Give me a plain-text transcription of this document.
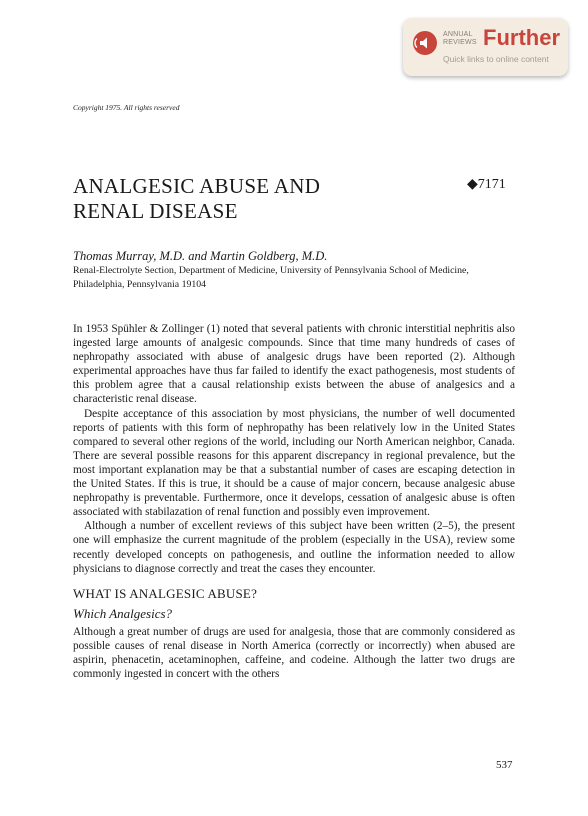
ANNUAL
REVIEWS Further
Quick links to online content
Copyright 1975. All rights reserved
ANALGESIC ABUSE AND
RENAL DISEASE
◆7171
Thomas Murray, M.D. and Martin Goldberg, M.D.
Renal-Electrolyte Section, Department of Medicine, University of Pennsylvania School of Medicine, Philadelphia, Pennsylvania 19104

In 1953 Spühler & Zollinger (1) noted that several patients with chronic interstitial nephritis also ingested large amounts of analgesic compounds. Since that time many hundreds of cases of nephropathy associated with abuse of analgesic drugs have been reported (2). Although experimental approaches have thus far failed to identify the exact pathogenesis, most students of this problem agree that a causal relationship exists between the abuse of analgesics and a characteristic renal disease.

Despite acceptance of this association by most physicians, the number of well documented reports of patients with this form of nephropathy has been relatively low in the United States compared to several other regions of the world, including our North American neighbor, Canada. There are several possible reasons for this apparent discrepancy in regional prevalence, but the most important explanation may be that a substantial number of cases are escaping detection in the United States. If this is true, it should be a cause of major concern, because analgesic abuse nephropathy is preventable. Furthermore, once it develops, cessation of analgesic abuse is often associated with stabilazation of renal function and possibly even improvement.

Although a number of excellent reviews of this subject have been written (2–5), the present one will emphasize the current magnitude of the problem (especially in the USA), review some recently developed concepts on pathogenesis, and outline the information needed to allow physicians to diagnose correctly and treat the cases they encounter.

WHAT IS ANALGESIC ABUSE?
Which Analgesics?

Although a great number of drugs are used for analgesia, those that are commonly considered as possible causes of renal disease in North America (correctly or incorrectly) when abused are aspirin, phenacetin, acetaminophen, caffeine, and codeine. Although the latter two drugs are commonly ingested in concert with the others

537
